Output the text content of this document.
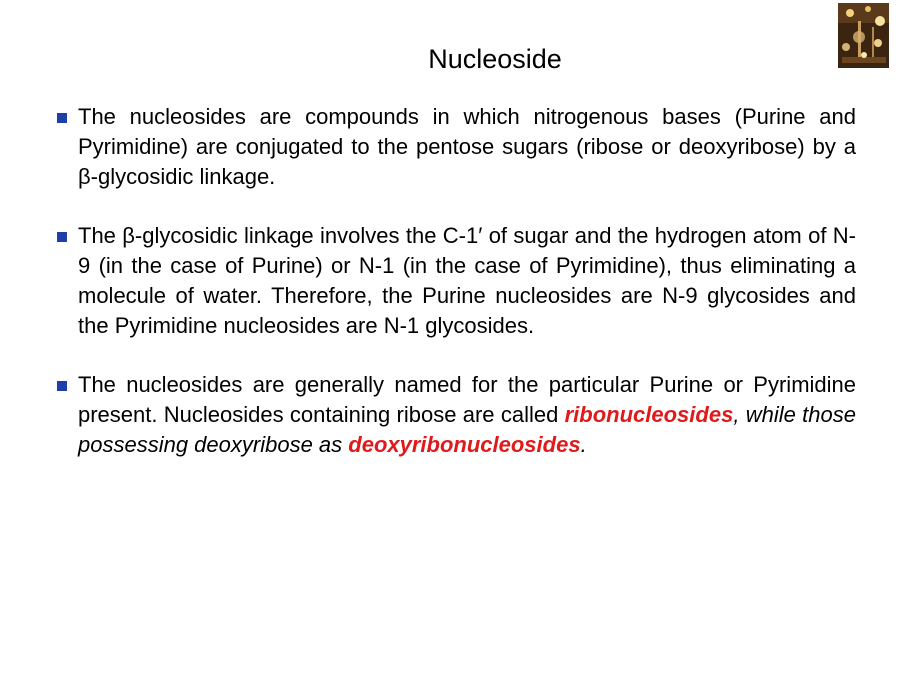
Nucleoside
The nucleosides are compounds in which nitrogenous bases (Purine and Pyrimidine) are conjugated to the pentose sugars (ribose or deoxyribose) by a β-glycosidic linkage.
The β-glycosidic linkage involves the C-1′ of sugar and the hydrogen atom of N-9 (in the case of Purine) or N-1 (in the case of Pyrimidine), thus eliminating a molecule of water. Therefore, the Purine nucleosides are N-9 glycosides and the Pyrimidine nucleosides are N-1 glycosides.
The nucleosides are generally named for the particular Purine or Pyrimidine present. Nucleosides containing ribose are called ribonucleosides, while those possessing deoxyribose as deoxyribonucleosides.
